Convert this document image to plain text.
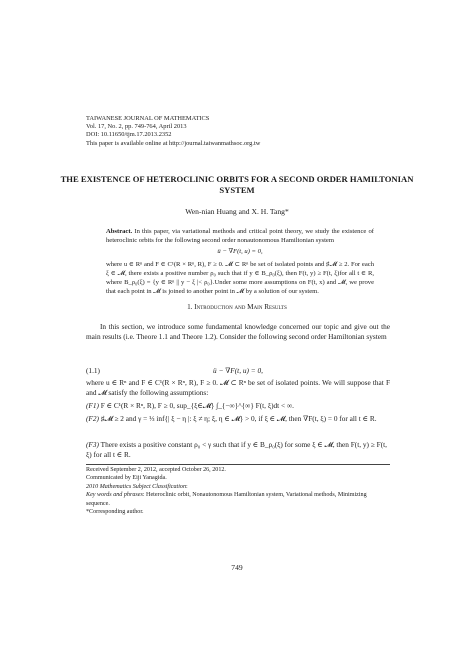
TAIWANESE JOURNAL OF MATHEMATICS
Vol. 17, No. 2, pp. 749-764, April 2013
DOI: 10.11650/tjm.17.2013.2352
This paper is available online at http://journal.taiwanmathsoc.org.tw
THE EXISTENCE OF HETEROCLINIC ORBITS FOR A SECOND ORDER HAMILTONIAN SYSTEM
Wen-nian Huang and X. H. Tang*
Abstract. In this paper, via variational methods and critical point theory, we study the existence of heteroclinic orbits for the following second order nonautonomous Hamiltonian system
ü − ∇F(t, u) = 0,
where u ∈ Rⁿ and F ∈ C¹(R × Rⁿ, R), F ≥ 0. 𝓜 ⊂ Rⁿ be set of isolated points and ♯𝓜 ≥ 2. For each ξ ∈ 𝓜, there exists a positive number ρ₀ such that if y ∈ B_ρ₀(ξ), then F(t, y) ≥ F(t, ξ)for all t ∈ R, where B_ρ₀(ξ) = {y ∈ Rⁿ || y − ξ |< ρ₀}.Under some more assumptions on F(t, x) and 𝓜, we prove that each point in 𝓜 is joined to another point in 𝓜 by a solution of our system.
1. Introduction and Main Results
In this section, we introduce some fundamental knowledge concerned our topic and give out the main results (i.e. Theore 1.1 and Theore 1.2). Consider the following second order Hamiltonian system
(1.1)	ü − ∇F(t, u) = 0,
where u ∈ Rⁿ and F ∈ C¹(R × Rⁿ, R), F ≥ 0. 𝓜 ⊂ Rⁿ be set of isolated points. We will suppose that F and 𝓜 satisfy the following assumptions:
(F1) F ∈ C¹(R × Rⁿ, R), F ≥ 0, sup_{ξ∈𝓜} ∫_{−∞}^{∞} F(t, ξ)dt < ∞.
(F2) ♯𝓜 ≥ 2 and γ = ⅓ inf{| ξ − η |: ξ ≠ η; ξ, η ∈ 𝓜} > 0, if ξ ∈ 𝓜, then ∇F(t, ξ) = 0 for all t ∈ R.
(F3) There exists a positive constant ρ₀ < γ such that if y ∈ B_ρ₀(ξ) for some ξ ∈ 𝓜, then F(t, y) ≥ F(t, ξ) for all t ∈ R.
Received September 2, 2012, accepted October 26, 2012.
Communicated by Eiji Yanagida.
2010 Mathematics Subject Classification:
Key words and phrases: Heteroclinic orbit, Nonautonomous Hamiltonian system, Variational methods, Minimizing sequence.
*Corresponding author.
749
